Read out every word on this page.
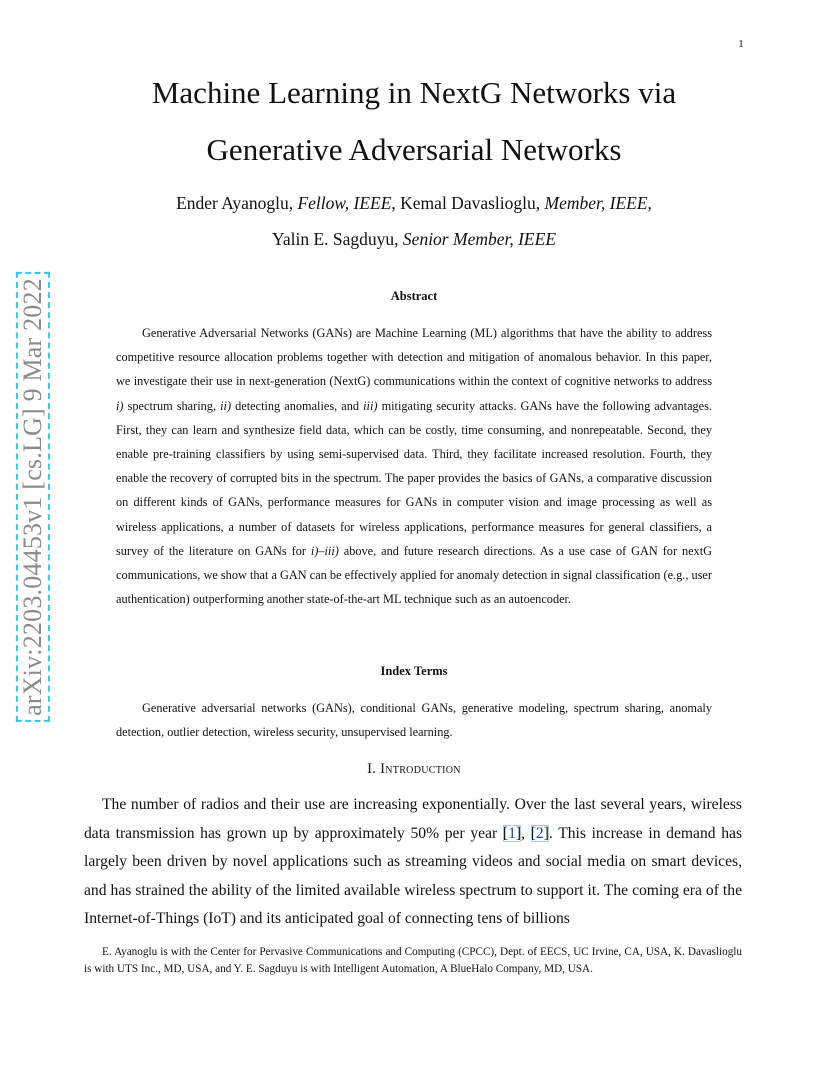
1
arXiv:2203.04453v1 [cs.LG] 9 Mar 2022
Machine Learning in NextG Networks via Generative Adversarial Networks
Ender Ayanoglu, Fellow, IEEE, Kemal Davaslioglu, Member, IEEE,
Yalin E. Sagduyu, Senior Member, IEEE
Abstract

Generative Adversarial Networks (GANs) are Machine Learning (ML) algorithms that have the ability to address competitive resource allocation problems together with detection and mitigation of anomalous behavior. In this paper, we investigate their use in next-generation (NextG) communications within the context of cognitive networks to address i) spectrum sharing, ii) detecting anomalies, and iii) mitigating security attacks. GANs have the following advantages. First, they can learn and synthesize field data, which can be costly, time consuming, and nonrepeatable. Second, they enable pre-training classifiers by using semi-supervised data. Third, they facilitate increased resolution. Fourth, they enable the recovery of corrupted bits in the spectrum. The paper provides the basics of GANs, a comparative discussion on different kinds of GANs, performance measures for GANs in computer vision and image processing as well as wireless applications, a number of datasets for wireless applications, performance measures for general classifiers, a survey of the literature on GANs for i)–iii) above, and future research directions. As a use case of GAN for nextG communications, we show that a GAN can be effectively applied for anomaly detection in signal classification (e.g., user authentication) outperforming another state-of-the-art ML technique such as an autoencoder.

Index Terms

Generative adversarial networks (GANs), conditional GANs, generative modeling, spectrum sharing, anomaly detection, outlier detection, wireless security, unsupervised learning.

I. Introduction

The number of radios and their use are increasing exponentially. Over the last several years, wireless data transmission has grown up by approximately 50% per year [ 1 ] , [ 2 ] . This increase in demand has largely been driven by novel applications such as streaming videos and social media on smart devices, and has strained the ability of the limited available wireless spectrum to support it. The coming era of the Internet-of-Things (IoT) and its anticipated goal of connecting tens of billions

E. Ayanoglu is with the Center for Pervasive Communications and Computing (CPCC), Dept. of EECS, UC Irvine, CA, USA, K. Davaslioglu is with UTS Inc., MD, USA, and Y. E. Sagduyu is with Intelligent Automation, A BlueHalo Company, MD, USA.
